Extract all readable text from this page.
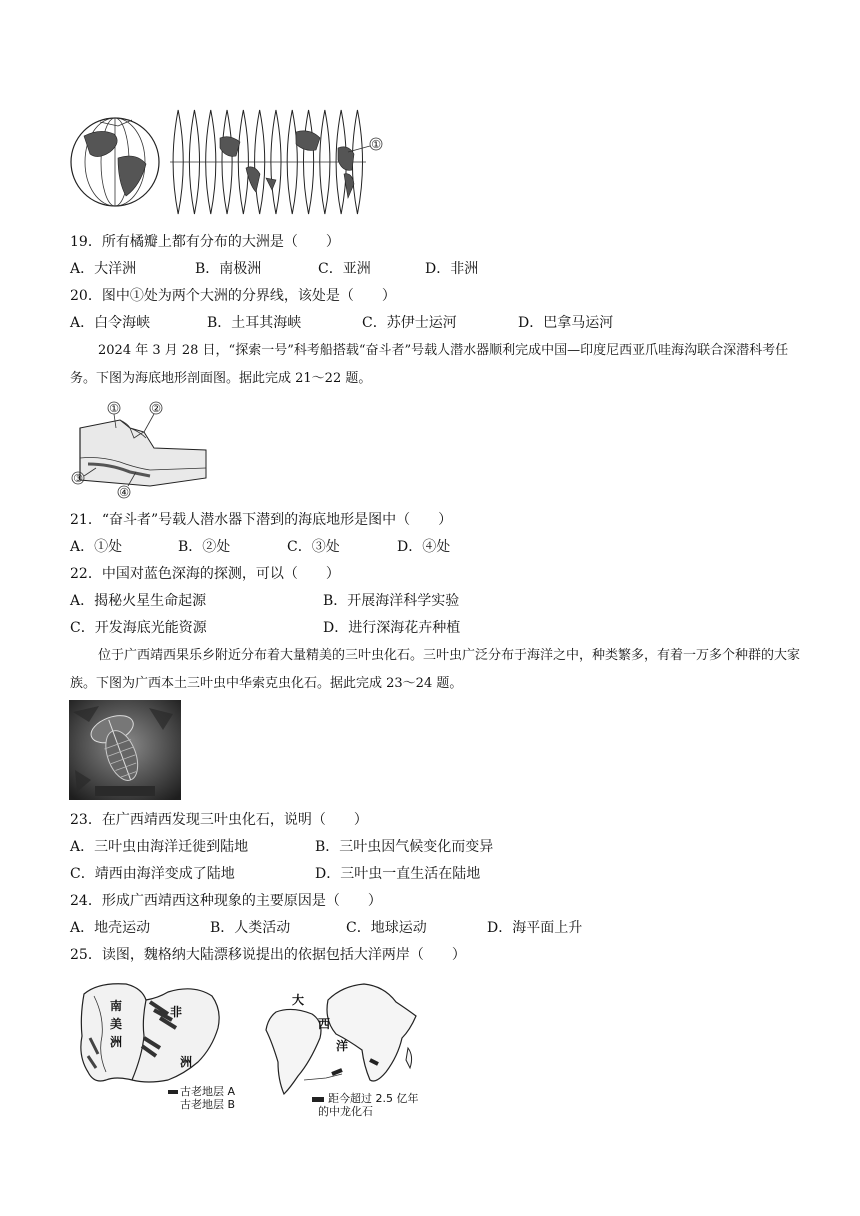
①
19．所有橘瓣上都有分布的大洲是（　　）
A．大洋洲	B．南极洲	C．亚洲	D．非洲
20．图中①处为两个大洲的分界线，该处是（　　）
A．白令海峡	B．土耳其海峡	C．苏伊士运河	D．巴拿马运河
2024 年 3 月 28 日，“探索一号”科考船搭载“奋斗者”号载人潜水器顺利完成中国—印度尼西亚爪哇海沟联合深潜科考任务。下图为海底地形剖面图。据此完成 21～22 题。
①	②
③
④
21．“奋斗者”号载人潜水器下潜到的海底地形是图中（　　）
A．①处	B．②处	C．③处	D．④处
22．中国对蓝色深海的探测，可以（　　）
A．揭秘火星生命起源	B．开展海洋科学实验
C．开发海底光能资源	D．进行深海花卉种植
位于广西靖西果乐乡附近分布着大量精美的三叶虫化石。三叶虫广泛分布于海洋之中，种类繁多，有着一万多个种群的大家族。下图为广西本土三叶虫中华索克虫化石。据此完成 23～24 题。
23．在广西靖西发现三叶虫化石，说明（　　）
A．三叶虫由海洋迁徙到陆地	B．三叶虫因气候变化而变异
C．靖西由海洋变成了陆地	D．三叶虫一直生活在陆地
24．形成广西靖西这种现象的主要原因是（　　）
A．地壳运动	B．人类活动	C．地球运动	D．海平面上升
25．读图，魏格纳大陆漂移说提出的依据包括大洋两岸（　　）
南
美
洲
非
洲
古老地层 A
古老地层 B
大
西
洋
距今超过 2.5 亿年
的中龙化石
